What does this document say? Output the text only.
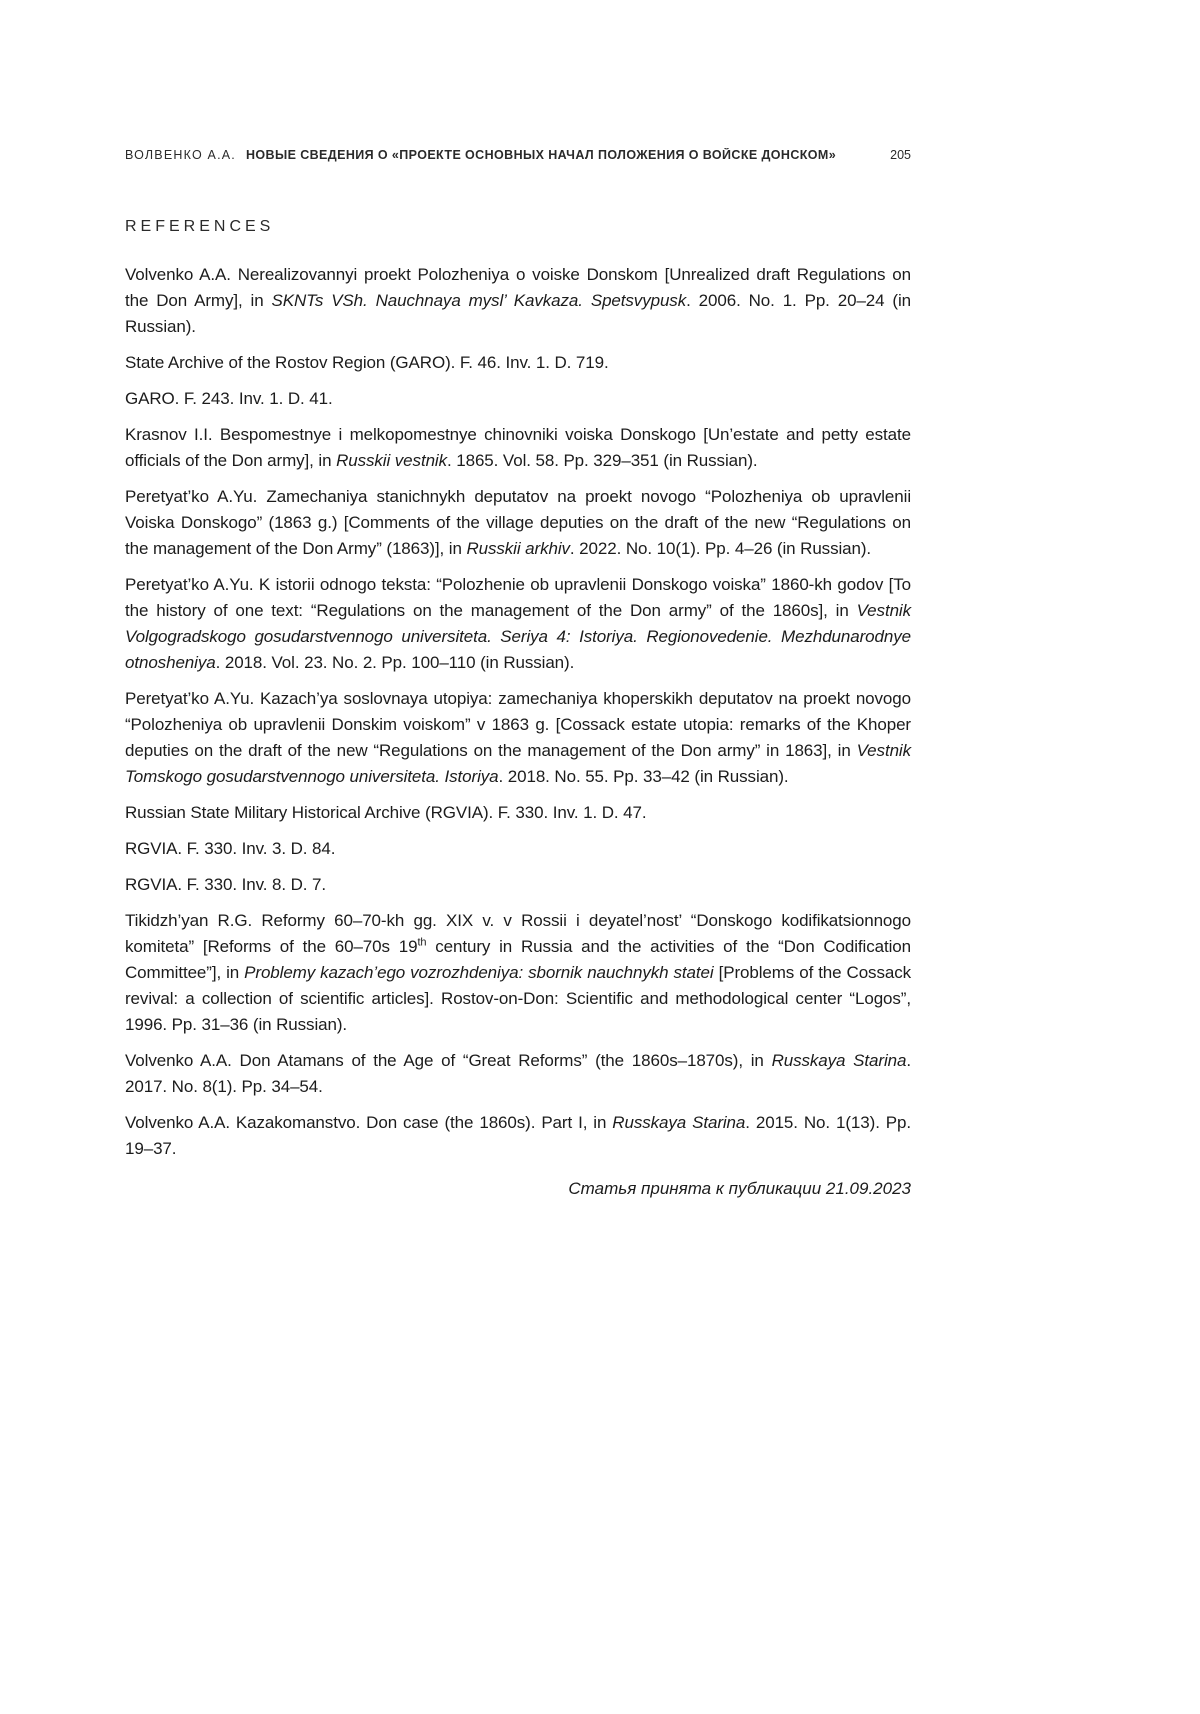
ВОЛВЕНКО А.А. НОВЫЕ СВЕДЕНИЯ О «ПРОЕКТЕ ОСНОВНЫХ НАЧАЛ ПОЛОЖЕНИЯ О ВОЙСКЕ ДОНСКОМ»	205
REFERENCES

Volvenko A.A. Nerealizovannyi proekt Polozheniya o voiske Donskom [Unrealized draft Regulations on the Don Army], in SKNTs VSh. Nauchnaya mysl’ Kavkaza. Spetsvypusk. 2006. No. 1. Pp. 20–24 (in Russian).

State Archive of the Rostov Region (GARO). F. 46. Inv. 1. D. 719.

GARO. F. 243. Inv. 1. D. 41.

Krasnov I.I. Bespomestnye i melkopomestnye chinovniki voiska Donskogo [Un’estate and petty estate officials of the Don army], in Russkii vestnik. 1865. Vol. 58. Pp. 329–351 (in Russian).

Peretyat’ko A.Yu. Zamechaniya stanichnykh deputatov na proekt novogo “Polozheniya ob upravlenii Voiska Donskogo” (1863 g.) [Comments of the village deputies on the draft of the new “Regulations on the management of the Don Army” (1863)], in Russkii arkhiv. 2022. No. 10(1). Pp. 4–26 (in Russian).

Peretyat’ko A.Yu. K istorii odnogo teksta: “Polozhenie ob upravlenii Donskogo voiska” 1860-kh godov [To the history of one text: “Regulations on the management of the Don army” of the 1860s], in Vestnik Volgogradskogo gosudarstvennogo universiteta. Seriya 4: Istoriya. Regionovedenie. Mezhdunarodnye otnosheniya. 2018. Vol. 23. No. 2. Pp. 100–110 (in Russian).

Peretyat’ko A.Yu. Kazach’ya soslovnaya utopiya: zamechaniya khoperskikh deputatov na proekt novogo “Polozheniya ob upravlenii Donskim voiskom” v 1863 g. [Cossack estate utopia: remarks of the Khoper deputies on the draft of the new “Regulations on the management of the Don army” in 1863], in Vestnik Tomskogo gosudarstvennogo universiteta. Istoriya. 2018. No. 55. Pp. 33–42 (in Russian).

Russian State Military Historical Archive (RGVIA). F. 330. Inv. 1. D. 47.

RGVIA. F. 330. Inv. 3. D. 84.

RGVIA. F. 330. Inv. 8. D. 7.

Tikidzh’yan R.G. Reformy 60–70-kh gg. XIX v. v Rossii i deyatel’nost’ “Donskogo kodifikatsionnogo komiteta” [Reforms of the 60–70s 19th century in Russia and the activities of the “Don Codification Committee”], in Problemy kazach’ego vozrozhdeniya: sbornik nauchnykh statei [Problems of the Cossack revival: a collection of scientific articles]. Rostov-on-Don: Scientific and methodological center “Logos”, 1996. Pp. 31–36 (in Russian).

Volvenko A.A. Don Atamans of the Age of “Great Reforms” (the 1860s–1870s), in Russkaya Starina. 2017. No. 8(1). Pp. 34–54.

Volvenko A.A. Kazakomanstvo. Don case (the 1860s). Part I, in Russkaya Starina. 2015. No. 1(13). Pp. 19–37.

Статья принята к публикации 21.09.2023
